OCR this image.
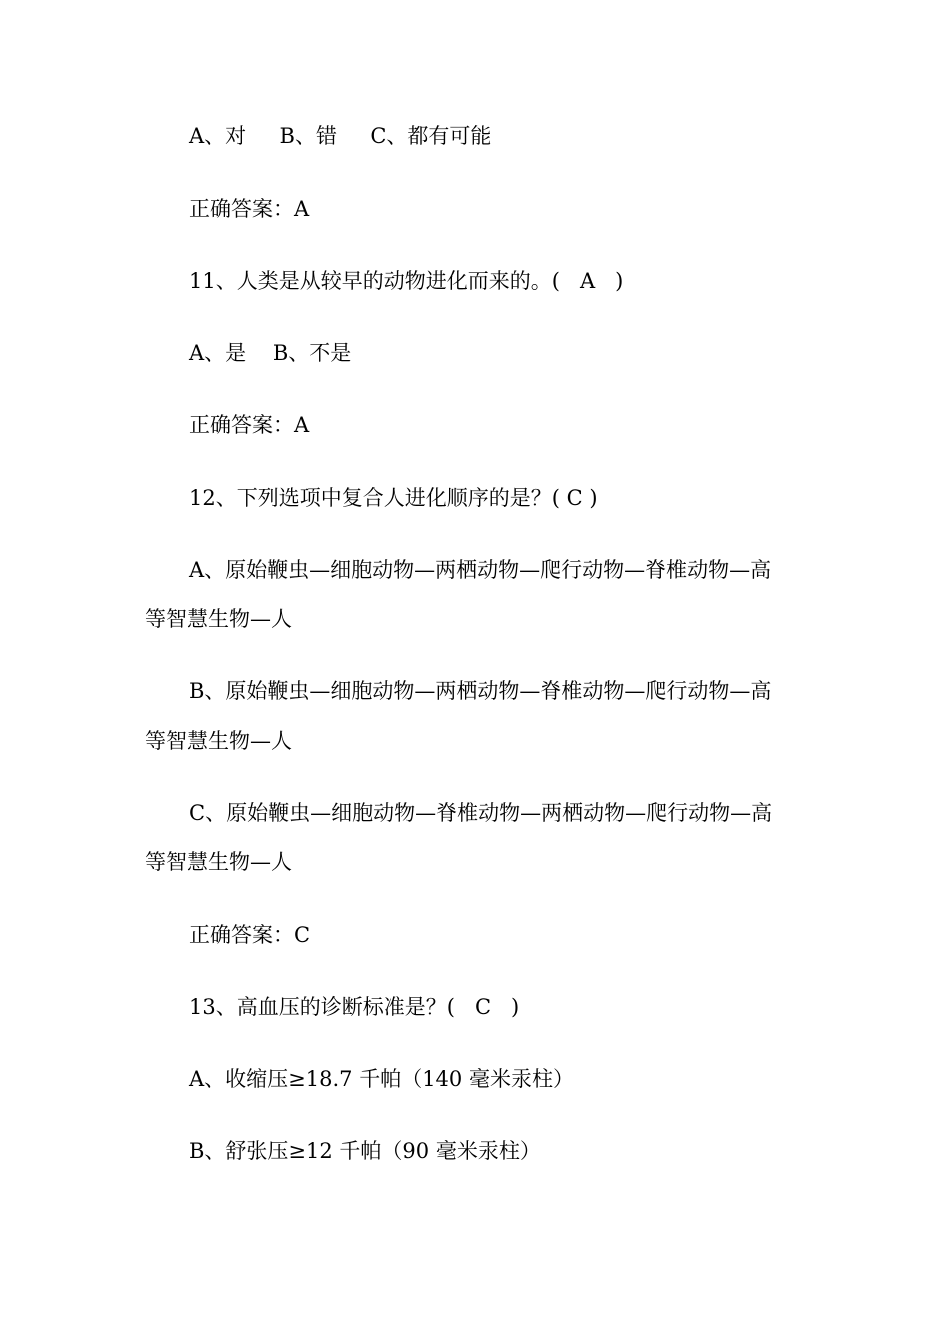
A、对     B、错     C、都有可能
正确答案：A
11、人类是从较早的动物进化而来的。(   A   )
A、是    B、不是
正确答案：A
12、下列选项中复合人进化顺序的是？( C )
A、原始鞭虫—细胞动物—两栖动物—爬行动物—脊椎动物—高
等智慧生物—人
B、原始鞭虫—细胞动物—两栖动物—脊椎动物—爬行动物—高
等智慧生物—人
C、原始鞭虫—细胞动物—脊椎动物—两栖动物—爬行动物—高
等智慧生物—人
正确答案：C
13、高血压的诊断标准是？(   C   )
A、收缩压≥18.7 千帕（140 毫米汞柱）
B、舒张压≥12 千帕（90 毫米汞柱）
